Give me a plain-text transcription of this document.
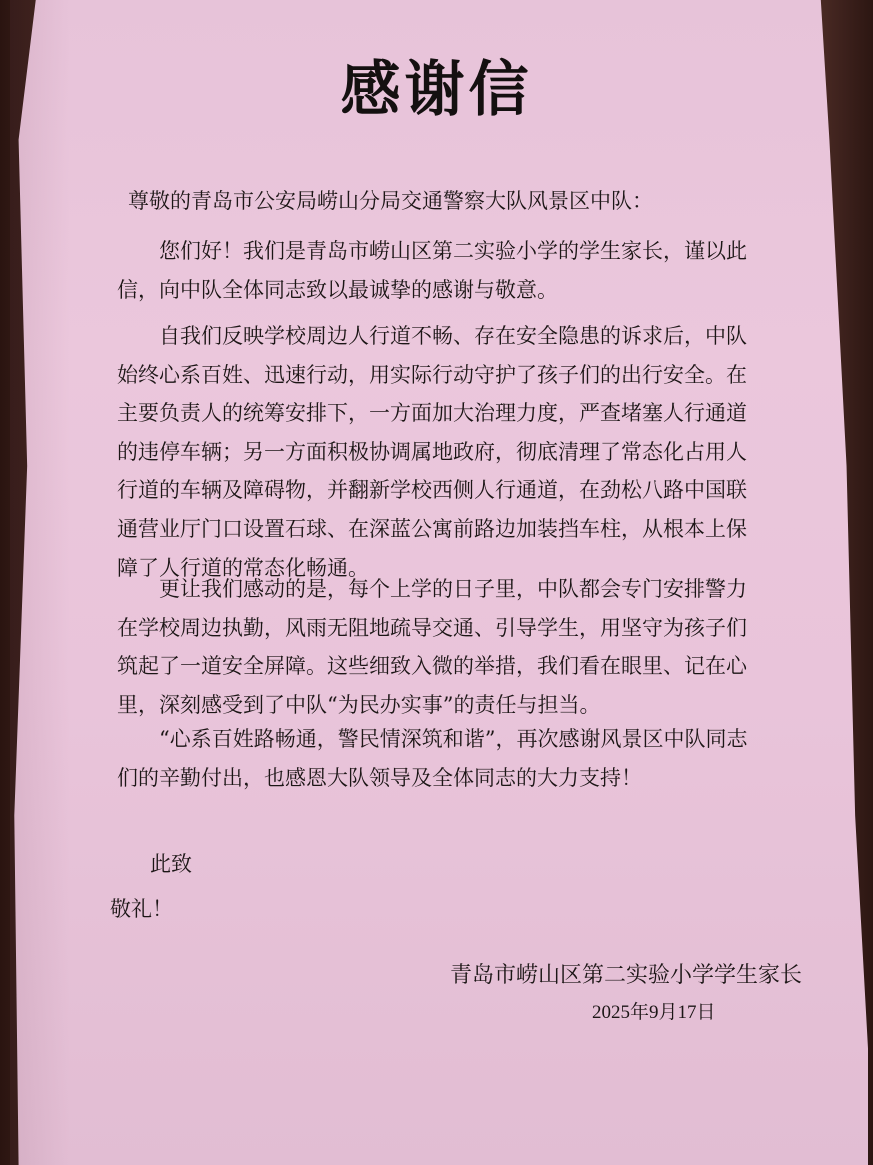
感谢信
尊敬的青岛市公安局崂山分局交通警察大队风景区中队：
您们好！我们是青岛市崂山区第二实验小学的学生家长，谨以此信，向中队全体同志致以最诚挚的感谢与敬意。
自我们反映学校周边人行道不畅、存在安全隐患的诉求后，中队始终心系百姓、迅速行动，用实际行动守护了孩子们的出行安全。在主要负责人的统筹安排下，一方面加大治理力度，严查堵塞人行通道的违停车辆；另一方面积极协调属地政府，彻底清理了常态化占用人行道的车辆及障碍物，并翻新学校西侧人行通道，在劲松八路中国联通营业厅门口设置石球、在深蓝公寓前路边加装挡车柱，从根本上保障了人行道的常态化畅通。
更让我们感动的是，每个上学的日子里，中队都会专门安排警力在学校周边执勤，风雨无阻地疏导交通、引导学生，用坚守为孩子们筑起了一道安全屏障。这些细致入微的举措，我们看在眼里、记在心里，深刻感受到了中队“为民办实事”的责任与担当。
“心系百姓路畅通，警民情深筑和谐”，再次感谢风景区中队同志们的辛勤付出，也感恩大队领导及全体同志的大力支持！
此致
敬礼！
青岛市崂山区第二实验小学学生家长
2025年9月17日
